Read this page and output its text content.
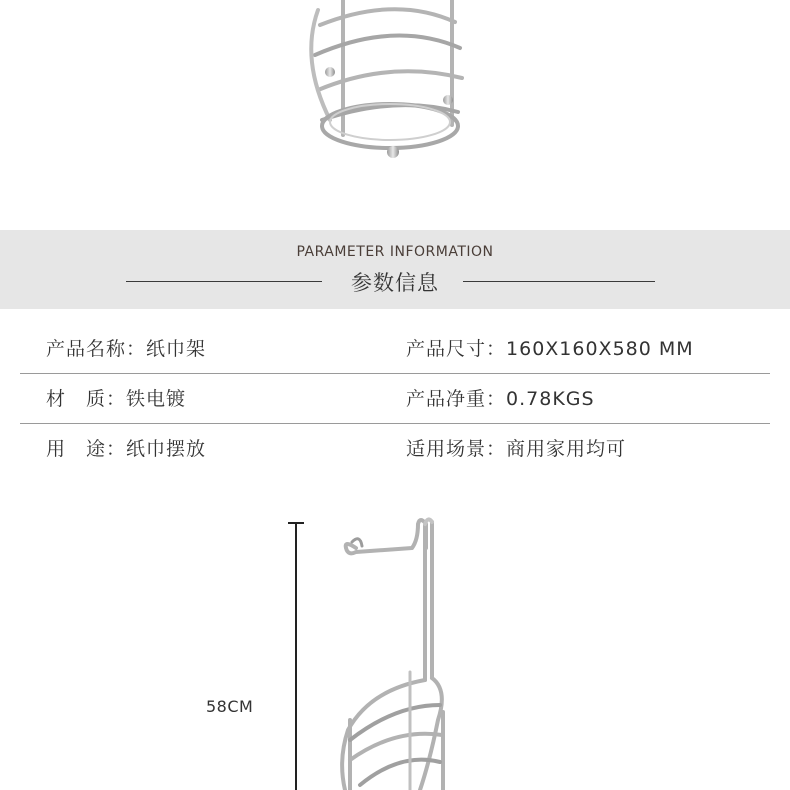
PARAMETER INFORMATION
参数信息
产品名称：纸巾架	产品尺寸：160X160X580 MM
材　质：铁电镀	产品净重：0.78KGS
用　途：纸巾摆放	适用场景：商用家用均可
58CM
